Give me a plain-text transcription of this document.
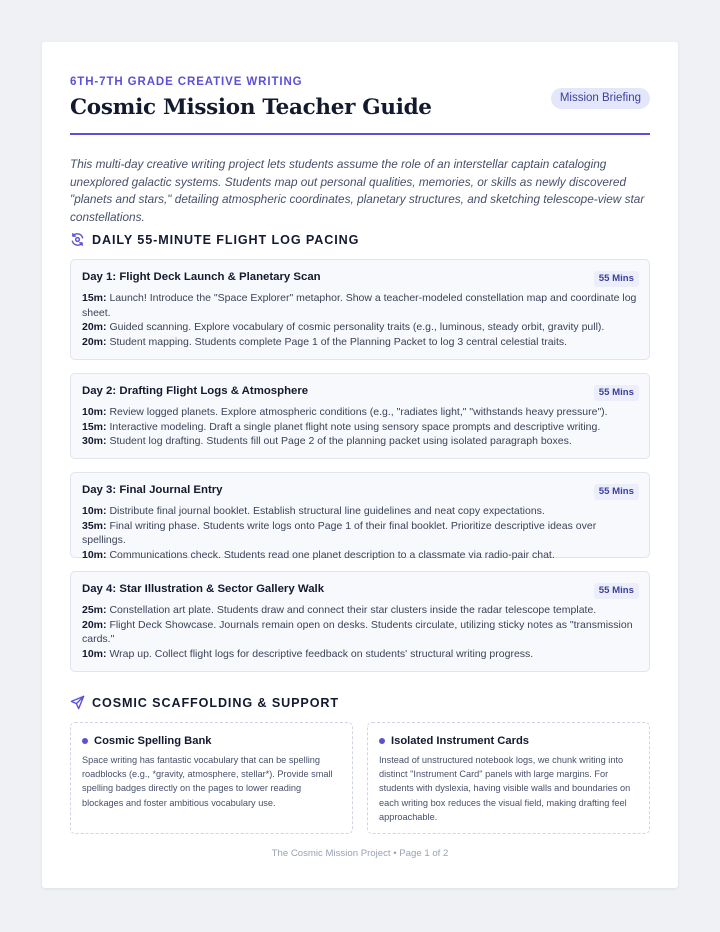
6TH-7TH GRADE CREATIVE WRITING
Cosmic Mission Teacher Guide	Mission Briefing

This multi-day creative writing project lets students assume the role of an interstellar captain cataloging unexplored galactic systems. Students map out personal qualities, memories, or skills as newly discovered "planets and stars," detailing atmospheric coordinates, planetary structures, and sketching telescope-view star constellations.

DAILY 55-MINUTE FLIGHT LOG PACING
Day 1: Flight Deck Launch & Planetary Scan	55 Mins
15m: Launch! Introduce the "Space Explorer" metaphor. Show a teacher-modeled constellation map and coordinate log sheet.
20m: Guided scanning. Explore vocabulary of cosmic personality traits (e.g., luminous, steady orbit, gravity pull).
20m: Student mapping. Students complete Page 1 of the Planning Packet to log 3 central celestial traits.
Day 2: Drafting Flight Logs & Atmosphere	55 Mins
10m: Review logged planets. Explore atmospheric conditions (e.g., "radiates light," "withstands heavy pressure").
15m: Interactive modeling. Draft a single planet flight note using sensory space prompts and descriptive writing.
30m: Student log drafting. Students fill out Page 2 of the planning packet using isolated paragraph boxes.
Day 3: Final Journal Entry	55 Mins
10m: Distribute final journal booklet. Establish structural line guidelines and neat copy expectations.
35m: Final writing phase. Students write logs onto Page 1 of their final booklet. Prioritize descriptive ideas over spellings.
10m: Communications check. Students read one planet description to a classmate via radio-pair chat.
Day 4: Star Illustration & Sector Gallery Walk	55 Mins
25m: Constellation art plate. Students draw and connect their star clusters inside the radar telescope template.
20m: Flight Deck Showcase. Journals remain open on desks. Students circulate, utilizing sticky notes as "transmission cards."
10m: Wrap up. Collect flight logs for descriptive feedback on students' structural writing progress.
COSMIC SCAFFOLDING & SUPPORT
Cosmic Spelling Bank
Space writing has fantastic vocabulary that can be spelling roadblocks (e.g., *gravity, atmosphere, stellar*). Provide small spelling badges directly on the pages to lower reading blockages and foster ambitious vocabulary use.
Isolated Instrument Cards
Instead of unstructured notebook logs, we chunk writing into distinct "Instrument Card" panels with large margins. For students with dyslexia, having visible walls and boundaries on each writing box reduces the visual field, making drafting feel approachable.
The Cosmic Mission Project • Page 1 of 2
